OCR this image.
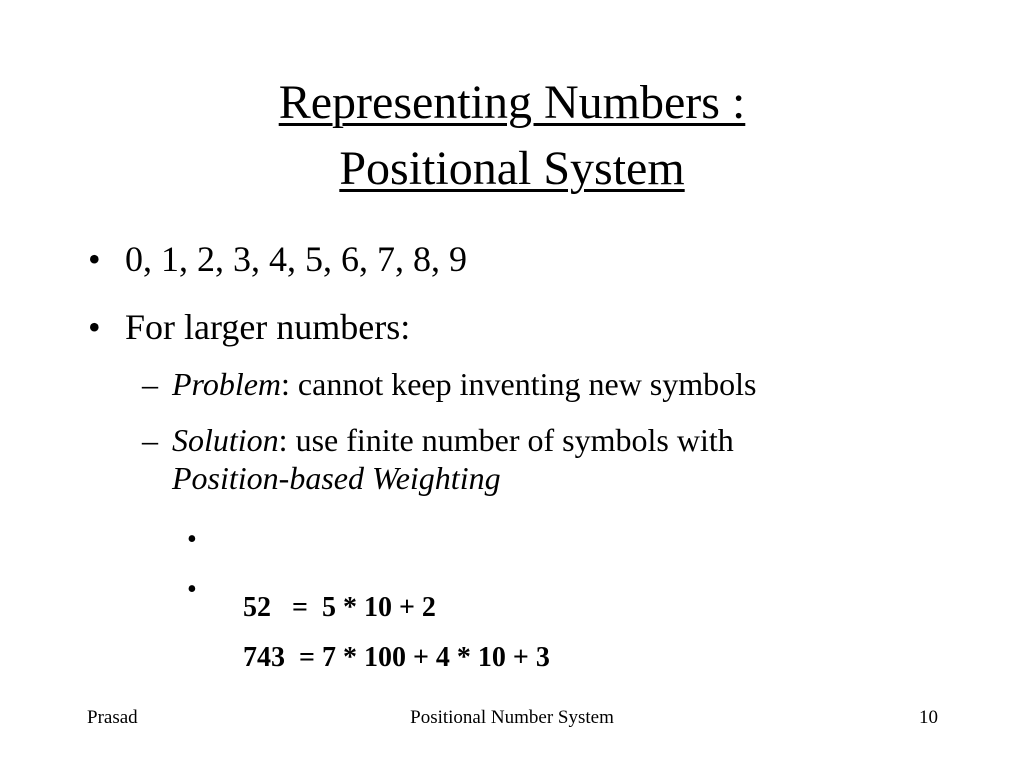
Representing Numbers :
Positional System
• 0, 1, 2, 3, 4, 5, 6, 7, 8, 9
• For larger numbers:
– Problem: cannot keep inventing new symbols
– Solution: use finite number of symbols with
Position-based Weighting

•

52   =  5 * 10 + 2

•

743  = 7 * 100 + 4 * 10 + 3

Prasad	Positional Number System	10
